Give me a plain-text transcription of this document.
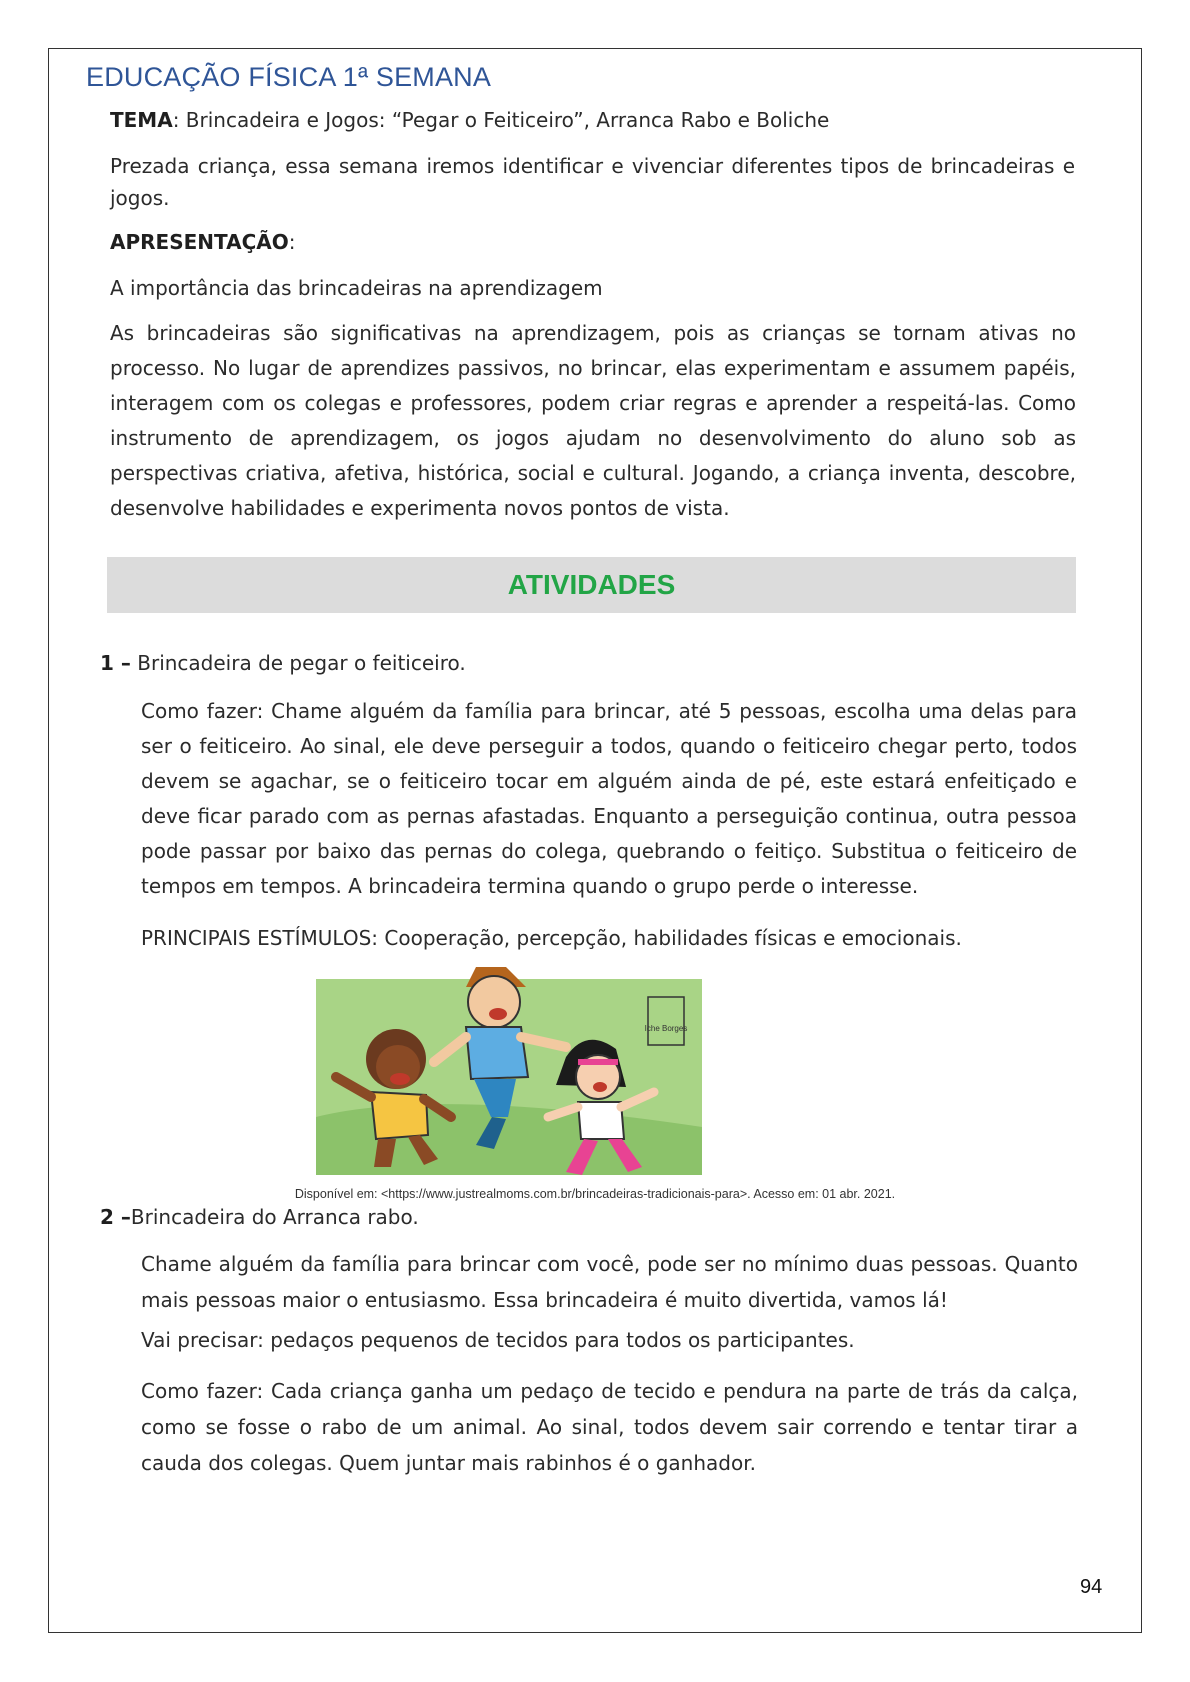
EDUCAÇÃO FÍSICA 1ª SEMANA

TEMA: Brincadeira e Jogos: “Pegar o Feiticeiro”, Arranca Rabo e Boliche

Prezada criança, essa semana iremos identificar e vivenciar diferentes tipos de brincadeiras e jogos.

APRESENTAÇÃO:

A importância das brincadeiras na aprendizagem

As brincadeiras são significativas na aprendizagem, pois as crianças se tornam ativas no processo. No lugar de aprendizes passivos, no brincar, elas experimentam e assumem papéis, interagem com os colegas e professores, podem criar regras e aprender a respeitá-las. Como instrumento de aprendizagem, os jogos ajudam no desenvolvimento do aluno sob as perspectivas criativa, afetiva, histórica, social e cultural. Jogando, a criança inventa, descobre, desenvolve habilidades e experimenta novos pontos de vista.

ATIVIDADES

1 – Brincadeira de pegar o feiticeiro.

Como fazer: Chame alguém da família para brincar, até 5 pessoas, escolha uma delas para ser o feiticeiro. Ao sinal, ele deve perseguir a todos, quando o feiticeiro chegar perto, todos devem se agachar, se o feiticeiro tocar em alguém ainda de pé, este estará enfeitiçado e deve ficar parado com as pernas afastadas. Enquanto a perseguição continua, outra pessoa pode passar por baixo das pernas do colega, quebrando o feitiço. Substitua o feiticeiro de tempos em tempos. A brincadeira termina quando o grupo perde o interesse.

PRINCIPAIS ESTÍMULOS: Cooperação, percepção, habilidades físicas e emocionais.

Iche Borges
Disponível em: <https://www.justrealmoms.com.br/brincadeiras-tradicionais-para>. Acesso em: 01 abr. 2021.

2 –Brincadeira do Arranca rabo.

Chame alguém da família para brincar com você, pode ser no mínimo duas pessoas. Quanto mais pessoas maior o entusiasmo. Essa brincadeira é muito divertida, vamos lá!

Vai precisar: pedaços pequenos de tecidos para todos os participantes.

Como fazer: Cada criança ganha um pedaço de tecido e pendura na parte de trás da calça, como se fosse o rabo de um animal. Ao sinal, todos devem sair correndo e tentar tirar a cauda dos colegas. Quem juntar mais rabinhos é o ganhador.

94
